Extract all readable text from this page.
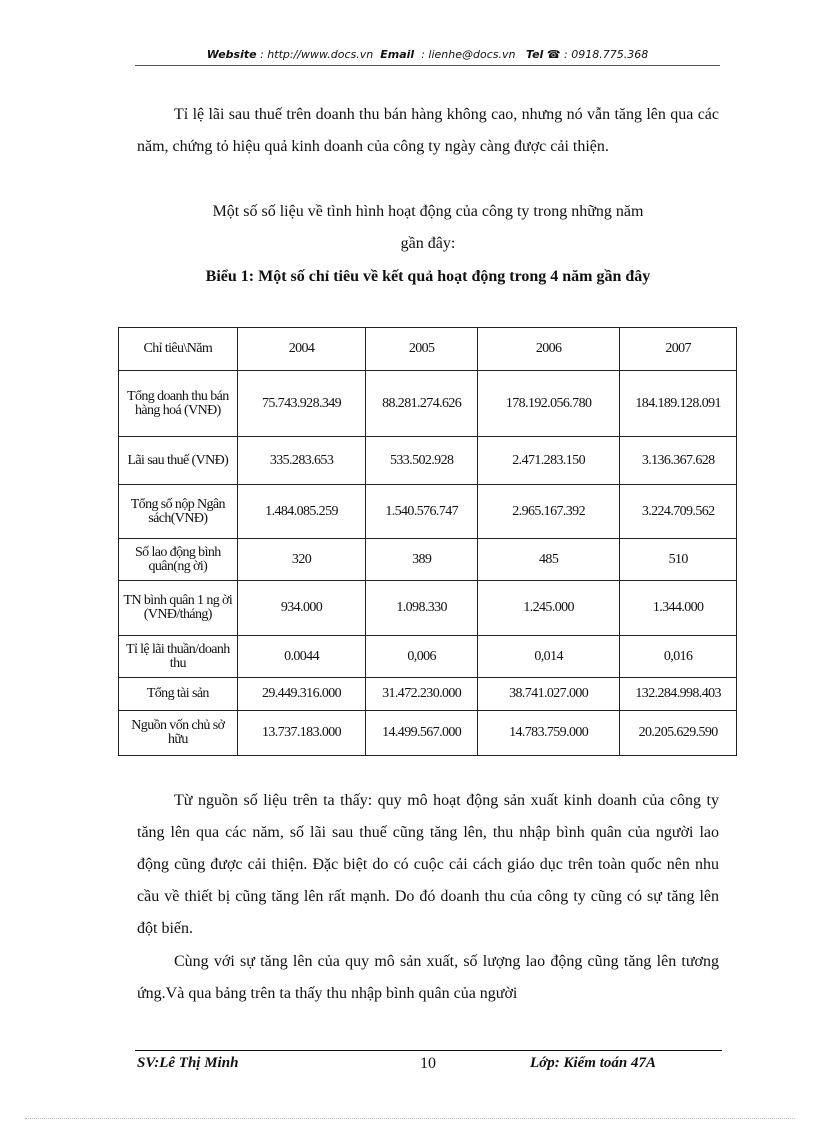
Website : http://www.docs.vn Email : lienhe@docs.vn Tel ☎ : 0918.775.368

Tỉ lệ lãi sau thuế trên doanh thu bán hàng không cao, nhưng nó vẫn tăng lên qua các năm, chứng tỏ hiệu quả kinh doanh của công ty ngày càng được cải thiện.

Một số số liệu về tình hình hoạt động của công ty trong những năm

gần đây:

Biểu 1: Một số chỉ tiêu về kết quả hoạt động trong 4 năm gần đây

Chỉ tiêu\Năm	2004	2005	2006	2007
Tổng doanh thu bán hàng hoá (VNĐ)	75.743.928.349	88.281.274.626	178.192.056.780	184.189.128.091
Lãi sau thuế (VNĐ)	335.283.653	533.502.928	2.471.283.150	3.136.367.628
Tổng số nộp Ngân sách(VNĐ)	1.484.085.259	1.540.576.747	2.965.167.392	3.224.709.562
Số lao động bình quân(ng ời)	320	389	485	510
TN bình quân 1 ng ời (VNĐ/tháng)	934.000	1.098.330	1.245.000	1.344.000
Tỉ lệ lãi thuần/doanh thu	0.0044	0,006	0,014	0,016
Tổng tài sản	29.449.316.000	31.472.230.000	38.741.027.000	132.284.998.403
Nguồn vốn chủ sở hữu	13.737.183.000	14.499.567.000	14.783.759.000	20.205.629.590

Từ nguồn số liệu trên ta thấy: quy mô hoạt động sản xuất kinh doanh của công ty tăng lên qua các năm, số lãi sau thuế cũng tăng lên, thu nhập bình quân của người lao động cũng được cải thiện. Đặc biệt do có cuộc cải cách giáo dục trên toàn quốc nên nhu cầu về thiết bị cũng tăng lên rất mạnh. Do đó doanh thu của công ty cũng có sự tăng lên đột biến.

Cùng với sự tăng lên của quy mô sản xuất, số lượng lao động cũng tăng lên tương ứng.Và qua bảng trên ta thấy thu nhập bình quân của người

SV:Lê Thị Minh	10	Lớp: Kiểm toán 47A
